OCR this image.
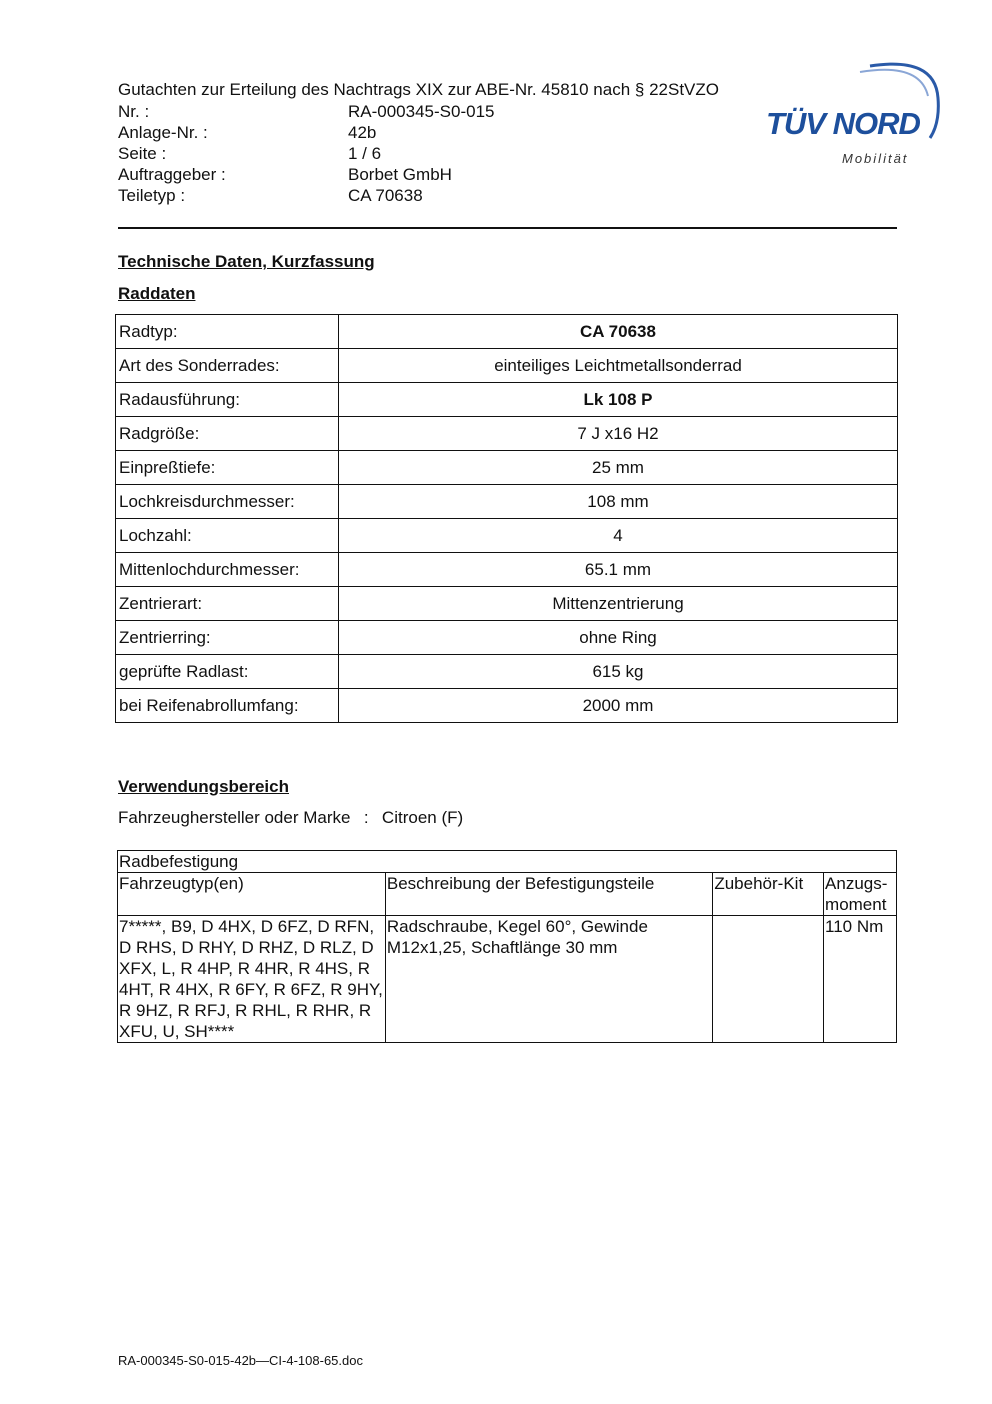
Gutachten zur Erteilung des Nachtrags XIX zur ABE-Nr. 45810 nach § 22StVZO
Nr. :	RA-000345-S0-015
Anlage-Nr. :	42b
Seite :	1 / 6
Auftraggeber :	Borbet GmbH
Teiletyp :	CA 70638
TÜV NORD
Mobilität
Technische Daten, Kurzfassung
Raddaten
Radtyp:	CA 70638
Art des Sonderrades:	einteiliges Leichtmetallsonderrad
Radausführung:	Lk 108 P
Radgröße:	7 J x16 H2
Einpreßtiefe:	25 mm
Lochkreisdurchmesser:	108 mm
Lochzahl:	4
Mittenlochdurchmesser:	65.1 mm
Zentrierart:	Mittenzentrierung
Zentrierring:	ohne Ring
geprüfte Radlast:	615 kg
bei Reifenabrollumfang:	2000 mm
Verwendungsbereich
Fahrzeughersteller oder Marke : Citroen (F)
Radbefestigung			
Fahrzeugtyp(en)	Beschreibung der Befestigungsteile	Zubehör-Kit	Anzugs-moment
7*****, B9, D 4HX, D 6FZ, D RFN, D RHS, D RHY, D RHZ, D RLZ, D XFX, L, R 4HP, R 4HR, R 4HS, R 4HT, R 4HX, R 6FY, R 6FZ, R 9HY, R 9HZ, R RFJ, R RHL, R RHR, R XFU, U, SH****	Radschraube, Kegel 60°, Gewinde M12x1,25, Schaftlänge 30 mm		110 Nm
RA-000345-S0-015-42b—CI-4-108-65.doc
